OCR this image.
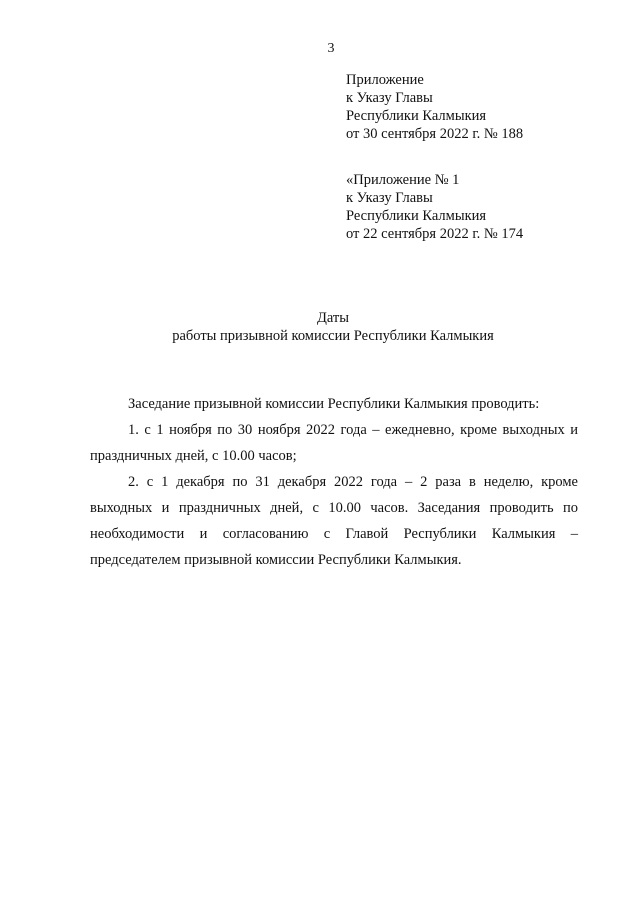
3
Приложение
к Указу Главы
Республики Калмыкия
от 30 сентября 2022 г. № 188
«Приложение № 1
к Указу Главы
Республики Калмыкия
от 22 сентября 2022 г. № 174
Даты
работы призывной комиссии Республики Калмыкия

Заседание призывной комиссии Республики Калмыкия проводить:

1. с 1 ноября по 30 ноября 2022 года – ежедневно, кроме выходных и праздничных дней, с 10.00 часов;

2. с 1 декабря по 31 декабря 2022 года – 2 раза в неделю, кроме выходных и праздничных дней, с 10.00 часов. Заседания проводить по необходимости и согласованию с Главой Республики Калмыкия – председателем призывной комиссии Республики Калмыкия.
